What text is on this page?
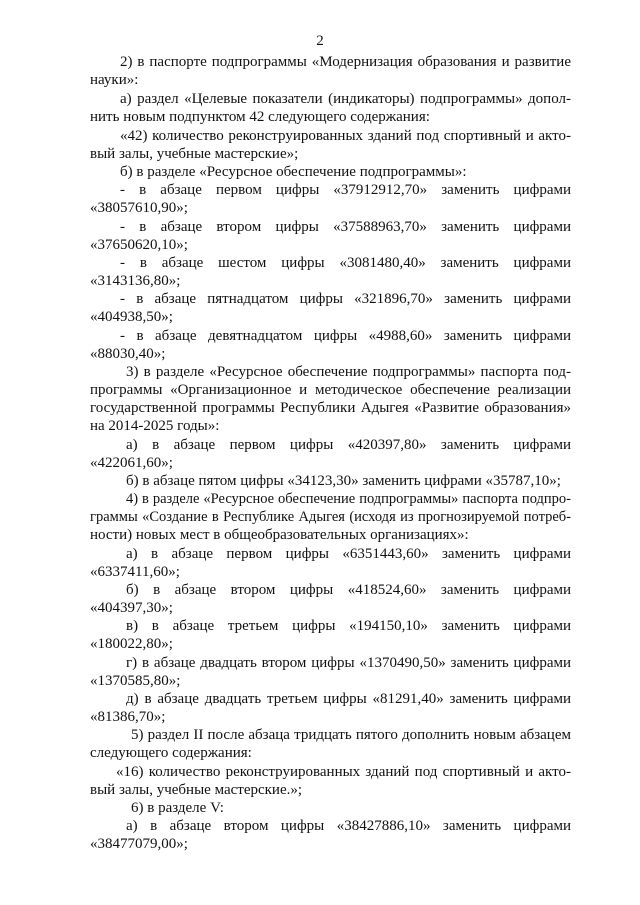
2
2) в паспорте подпрограммы «Модернизация образования и развитие
науки»:
а) раздел «Целевые показатели (индикаторы) подпрограммы» допол-
нить новым подпунктом 42 следующего содержания:
«42) количество реконструированных зданий под спортивный и акто-
вый залы, учебные мастерские»;
б) в разделе «Ресурсное обеспечение подпрограммы»:
- в абзаце первом цифры «37912912,70» заменить цифрами
«38057610,90»;
- в абзаце втором цифры «37588963,70» заменить цифрами
«37650620,10»;
- в абзаце шестом цифры «3081480,40» заменить цифрами
«3143136,80»;
- в абзаце пятнадцатом цифры «321896,70» заменить цифрами
«404938,50»;
- в абзаце девятнадцатом цифры «4988,60» заменить цифрами
«88030,40»;
3) в разделе «Ресурсное обеспечение подпрограммы» паспорта под-
программы «Организационное и методическое обеспечение реализации
государственной программы Республики Адыгея «Развитие образования»
на 2014-2025 годы»:
а) в абзаце первом цифры «420397,80» заменить цифрами
«422061,60»;
б) в абзаце пятом цифры «34123,30» заменить цифрами «35787,10»;
4) в разделе «Ресурсное обеспечение подпрограммы» паспорта подпро-
граммы «Создание в Республике Адыгея (исходя из прогнозируемой потреб-
ности) новых мест в общеобразовательных организациях»:
а) в абзаце первом цифры «6351443,60» заменить цифрами
«6337411,60»;
б) в абзаце втором цифры «418524,60» заменить цифрами
«404397,30»;
в) в абзаце третьем цифры «194150,10» заменить цифрами
«180022,80»;
г) в абзаце двадцать втором цифры «1370490,50» заменить цифрами
«1370585,80»;
д) в абзаце двадцать третьем цифры «81291,40» заменить цифрами
«81386,70»;
5) раздел II после абзаца тридцать пятого дополнить новым абзацем
следующего содержания:
«16) количество реконструированных зданий под спортивный и акто-
вый залы, учебные мастерские.»;
6) в разделе V:
а) в абзаце втором цифры «38427886,10» заменить цифрами
«38477079,00»;
